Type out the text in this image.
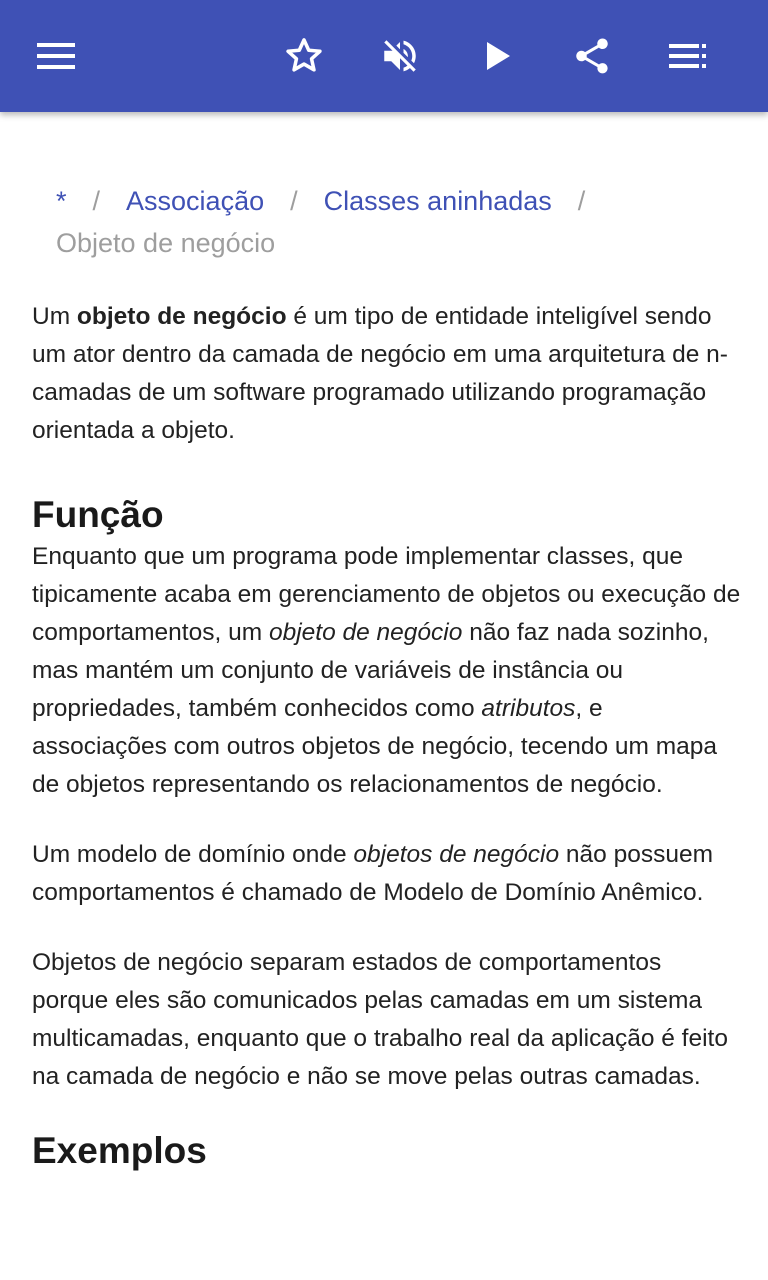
* / Associação / Classes aninhadas /
Objeto de negócio

Um objeto de negócio é um tipo de entidade inteligível sendo um ator dentro da camada de negócio em uma arquitetura de n-camadas de um software programado utilizando programação orientada a objeto.

Função

Enquanto que um programa pode implementar classes, que tipicamente acaba em gerenciamento de objetos ou execução de comportamentos, um objeto de negócio não faz nada sozinho, mas mantém um conjunto de variáveis de instância ou propriedades, também conhecidos como atributos, e associações com outros objetos de negócio, tecendo um mapa de objetos representando os relacionamentos de negócio.

Um modelo de domínio onde objetos de negócio não possuem comportamentos é chamado de Modelo de Domínio Anêmico.

Objetos de negócio separam estados de comportamentos porque eles são comunicados pelas camadas em um sistema multicamadas, enquanto que o trabalho real da aplicação é feito na camada de negócio e não se move pelas outras camadas.

Exemplos
